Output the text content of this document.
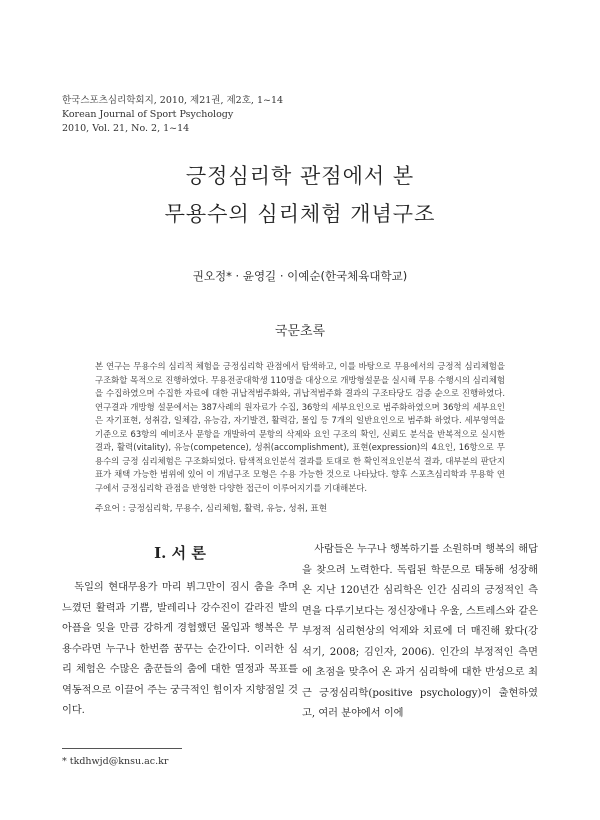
한국스포츠심리학회지, 2010, 제21권, 제2호, 1~14
Korean Journal of Sport Psychology
2010, Vol. 21, No. 2, 1~14
긍정심리학 관점에서 본
무용수의 심리체험 개념구조
권오정* · 윤영길 · 이예순(한국체육대학교)
국문초록
본 연구는 무용수의 심리적 체험을 긍정심리학 관점에서 탐색하고, 이를 바탕으로 무용에서의 긍정적 심리체험을 구조화할 목적으로 진행하였다. 무용전공대학생 110명을 대상으로 개방형설문을 실시해 무용 수행시의 심리체험을 수집하였으며 수집한 자료에 대한 귀납적범주화와, 귀납적범주화 결과의 구조타당도 검증 순으로 진행하였다. 연구결과 개방형 설문에서는 387사례의 원자료가 수집, 36항의 세부요인으로 범주화하였으며 36항의 세부요인은 자기표현, 성취감, 일체감, 유능감, 자기발견, 활력감, 몰입 등 7개의 일반요인으로 범주화 하였다. 세부영역을 기준으로 63항의 예비조사 문항을 개발하여 문항의 삭제와 요인 구조의 확인, 신뢰도 분석을 반복적으로 실시한 결과, 활력(vitality), 유능(competence), 성취(accomplishment), 표현(expression)의 4요인, 16항으로 무용수의 긍정 심리체험은 구조화되었다. 탐색적요인분석 결과를 토대로 한 확인적요인분석 결과, 대부분의 판단지표가 채택 가능한 범위에 있어 이 개념구조 모형은 수용 가능한 것으로 나타났다. 향후 스포츠심리학과 무용학 연구에서 긍정심리학 관점을 반영한 다양한 접근이 이루어지기를 기대해본다.
주요어 : 긍정심리학, 무용수, 심리체험, 활력, 유능, 성취, 표현
I. 서 론
독일의 현대무용가 마리 뷔그만이 짐시 춤을 추며 느꼈던 활력과 기쁨, 발레리나 강수진이 갈라진 발의 아픔을 잊을 만큼 강하게 경험했던 몰입과 행복은 무용수라면 누구나 한번쯤 꿈꾸는 순간이다. 이러한 심리 체험은 수많은 춤꾼들의 춤에 대한 열정과 목표를 역동적으로 이끌어 주는 궁극적인 힘이자 지향점일 것이다.
사람들은 누구나 행복하기를 소원하며 행복의 해답을 찾으려 노력한다. 독립된 학문으로 태동해 성장해 온 지난 120년간 심리학은 인간 심리의 긍정적인 측면을 다루기보다는 정신장애나 우울, 스트레스와 같은 부정적 심리현상의 억제와 치료에 더 매진해 왔다(강석기, 2008; 김인자, 2006). 인간의 부정적인 측면에 초점을 맞추어 온 과거 심리학에 대한 반성으로 최근 긍정심리학(positive psychology)이 출현하였고, 여러 분야에서 이에
* tkdhwjd@knsu.ac.kr
